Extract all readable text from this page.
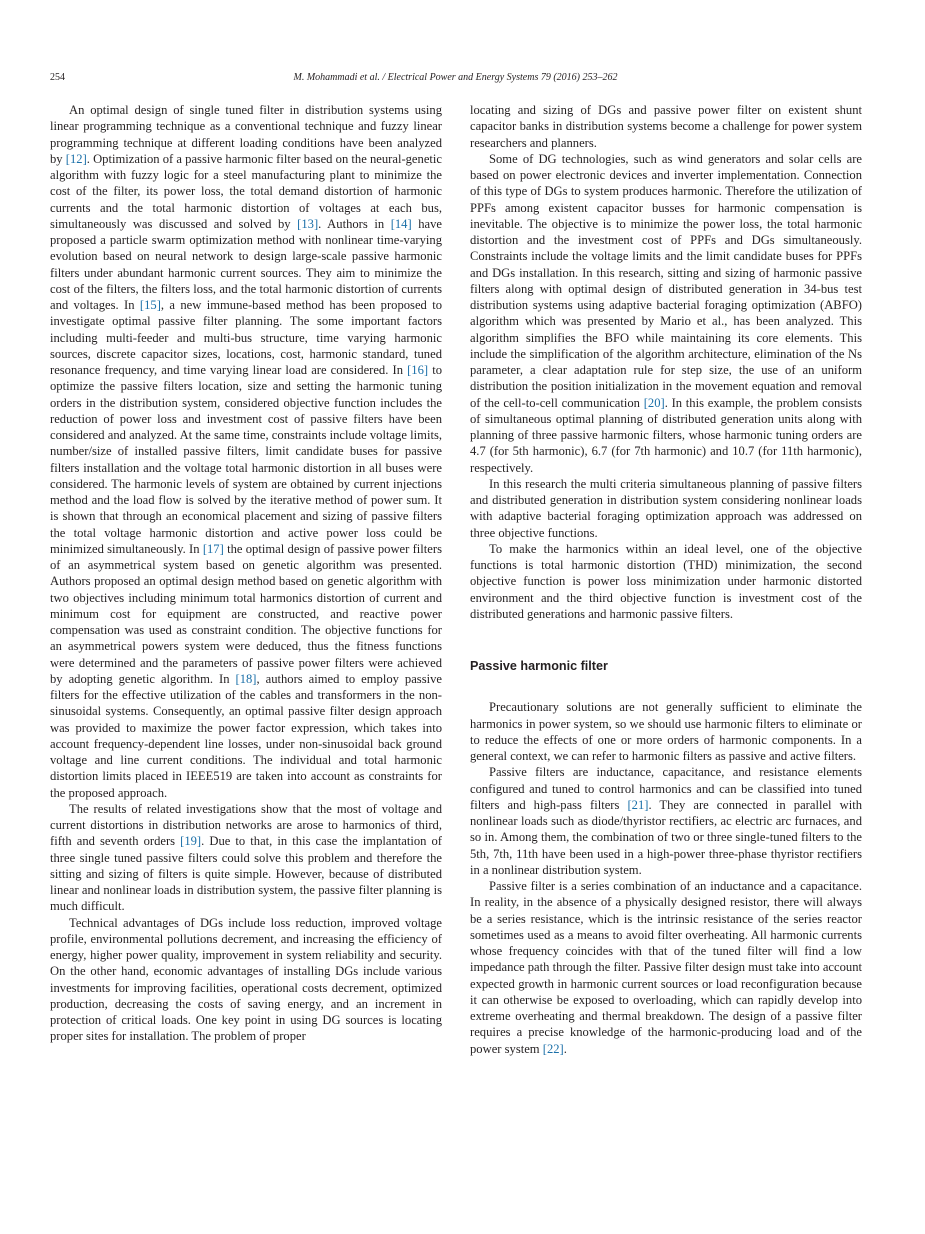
254	M. Mohammadi et al. / Electrical Power and Energy Systems 79 (2016) 253–262

An optimal design of single tuned filter in distribution systems using linear programming technique as a conventional technique and fuzzy linear programming technique at different loading conditions have been analyzed by [12]. Optimization of a passive harmonic filter based on the neural-genetic algorithm with fuzzy logic for a steel manufacturing plant to minimize the cost of the filter, its power loss, the total demand distortion of harmonic currents and the total harmonic distortion of voltages at each bus, simultaneously was discussed and solved by [13]. Authors in [14] have proposed a particle swarm optimization method with nonlinear time-varying evolution based on neural network to design large-scale passive harmonic filters under abundant harmonic current sources. They aim to minimize the cost of the filters, the filters loss, and the total harmonic distortion of currents and voltages. In [15], a new immune-based method has been proposed to investigate optimal passive filter planning. The some important factors including multi-feeder and multi-bus structure, time varying harmonic sources, discrete capacitor sizes, locations, cost, harmonic standard, tuned resonance frequency, and time varying linear load are considered. In [16] to optimize the passive filters location, size and setting the harmonic tuning orders in the distribution system, considered objective function includes the reduction of power loss and investment cost of passive filters have been considered and analyzed. At the same time, constraints include voltage limits, number/size of installed passive filters, limit candidate buses for passive filters installation and the voltage total harmonic distortion in all buses were considered. The harmonic levels of system are obtained by current injections method and the load flow is solved by the iterative method of power sum. It is shown that through an economical placement and sizing of passive filters the total voltage harmonic distortion and active power loss could be minimized simultaneously. In [17] the optimal design of passive power filters of an asymmetrical system based on genetic algorithm was presented. Authors proposed an optimal design method based on genetic algorithm with two objectives including minimum total harmonics distortion of current and minimum cost for equipment are constructed, and reactive power compensation was used as constraint condition. The objective functions for an asymmetrical powers system were deduced, thus the fitness functions were determined and the parameters of passive power filters were achieved by adopting genetic algorithm. In [18], authors aimed to employ passive filters for the effective utilization of the cables and transformers in the non-sinusoidal systems. Consequently, an optimal passive filter design approach was provided to maximize the power factor expression, which takes into account frequency-dependent line losses, under non-sinusoidal back ground voltage and line current conditions. The individual and total harmonic distortion limits placed in IEEE519 are taken into account as constraints for the proposed approach.

The results of related investigations show that the most of voltage and current distortions in distribution networks are arose to harmonics of third, fifth and seventh orders [19]. Due to that, in this case the implantation of three single tuned passive filters could solve this problem and therefore the sitting and sizing of filters is quite simple. However, because of distributed linear and nonlinear loads in distribution system, the passive filter planning is much difficult.

Technical advantages of DGs include loss reduction, improved voltage profile, environmental pollutions decrement, and increasing the efficiency of energy, higher power quality, improvement in system reliability and security. On the other hand, economic advantages of installing DGs include various investments for improving facilities, operational costs decrement, optimized production, decreasing the costs of saving energy, and an increment in protection of critical loads. One key point in using DG sources is locating proper sites for installation. The problem of proper

locating and sizing of DGs and passive power filter on existent shunt capacitor banks in distribution systems become a challenge for power system researchers and planners.

Some of DG technologies, such as wind generators and solar cells are based on power electronic devices and inverter implementation. Connection of this type of DGs to system produces harmonic. Therefore the utilization of PPFs among existent capacitor busses for harmonic compensation is inevitable. The objective is to minimize the power loss, the total harmonic distortion and the investment cost of PPFs and DGs simultaneously. Constraints include the voltage limits and the limit candidate buses for PPFs and DGs installation. In this research, sitting and sizing of harmonic passive filters along with optimal design of distributed generation in 34-bus test distribution systems using adaptive bacterial foraging optimization (ABFO) algorithm which was presented by Mario et al., has been analyzed. This algorithm simplifies the BFO while maintaining its core elements. This include the simplification of the algorithm architecture, elimination of the Ns parameter, a clear adaptation rule for step size, the use of an uniform distribution the position initialization in the movement equation and removal of the cell-to-cell communication [20]. In this example, the problem consists of simultaneous optimal planning of distributed generation units along with planning of three passive harmonic filters, whose harmonic tuning orders are 4.7 (for 5th harmonic), 6.7 (for 7th harmonic) and 10.7 (for 11th harmonic), respectively.

In this research the multi criteria simultaneous planning of passive filters and distributed generation in distribution system considering nonlinear loads with adaptive bacterial foraging optimization approach was addressed on three objective functions.

To make the harmonics within an ideal level, one of the objective functions is total harmonic distortion (THD) minimization, the second objective function is power loss minimization under harmonic distorted environment and the third objective function is investment cost of the distributed generations and harmonic passive filters.

Passive harmonic filter

Precautionary solutions are not generally sufficient to eliminate the harmonics in power system, so we should use harmonic filters to eliminate or to reduce the effects of one or more orders of harmonic components. In a general context, we can refer to harmonic filters as passive and active filters.

Passive filters are inductance, capacitance, and resistance elements configured and tuned to control harmonics and can be classified into tuned filters and high-pass filters [21]. They are connected in parallel with nonlinear loads such as diode/thyristor rectifiers, ac electric arc furnaces, and so in. Among them, the combination of two or three single-tuned filters to the 5th, 7th, 11th have been used in a high-power three-phase thyristor rectifiers in a nonlinear distribution system.

Passive filter is a series combination of an inductance and a capacitance. In reality, in the absence of a physically designed resistor, there will always be a series resistance, which is the intrinsic resistance of the series reactor sometimes used as a means to avoid filter overheating. All harmonic currents whose frequency coincides with that of the tuned filter will find a low impedance path through the filter. Passive filter design must take into account expected growth in harmonic current sources or load reconfiguration because it can otherwise be exposed to overloading, which can rapidly develop into extreme overheating and thermal breakdown. The design of a passive filter requires a precise knowledge of the harmonic-producing load and of the power system [22].
